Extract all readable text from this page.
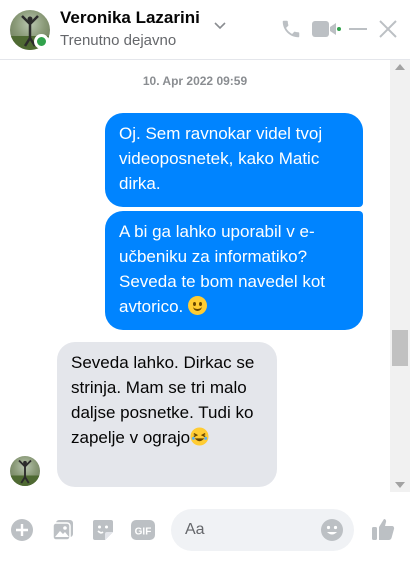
Veronika Lazarini
Trenutno dejavno
10. Apr 2022 09:59
Oj. Sem ravnokar videl tvoj videoposnetek, kako Matic dirka.
A bi ga lahko uporabil v e-učbeniku za informatiko? Seveda te bom navedel kot avtorico.
Seveda lahko. Dirkac se strinja. Mam se tri malo daljse posnetke. Tudi ko zapelje v ograjo
GIF
Aa
